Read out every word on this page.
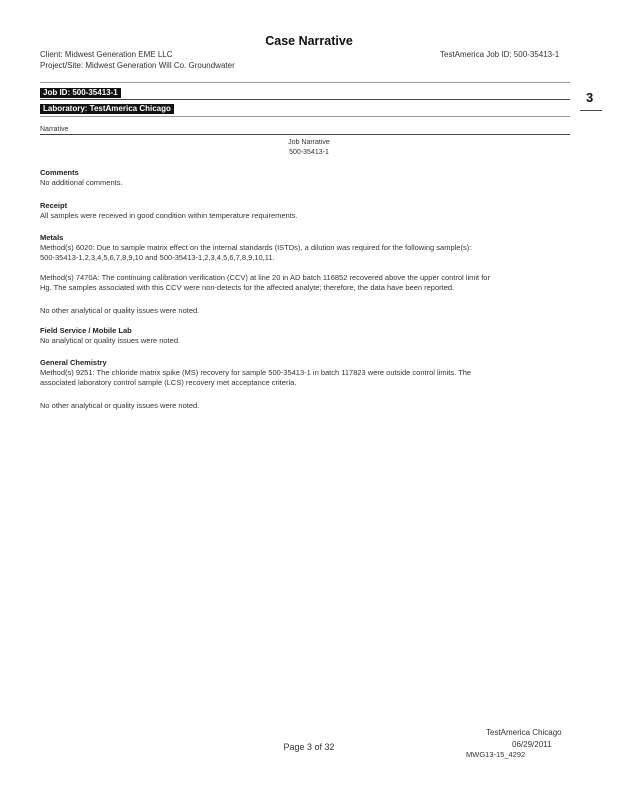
Case Narrative
Client: Midwest Generation EME LLC
Project/Site: Midwest Generation Will Co. Groundwater
TestAmerica Job ID: 500-35413-1
Job ID: 500-35413-1	3
Laboratory: TestAmerica Chicago
Narrative
Job Narrative
500-35413-1
Comments
No additional comments.
Receipt
All samples were received in good condition within temperature requirements.
Metals
Method(s) 6020: Due to sample matrix effect on the internal standards (ISTDs), a dilution was required for the following sample(s):
500-35413-1,2,3,4,5,6,7,8,9,10 and 500-35413-1,2,3,4,5,6,7,8,9,10,11.
Method(s) 7470A: The continuing calibration verification (CCV) at line 20 in AD batch 116852 recovered above the upper control limit for
Hg. The samples associated with this CCV were non-detects for the affected analyte; therefore, the data have been reported.
No other analytical or quality issues were noted.
Field Service / Mobile Lab
No analytical or quality issues were noted.
General Chemistry
Method(s) 9251: The chloride matrix spike (MS) recovery for sample 500-35413-1 in batch 117823 were outside control limits. The
associated laboratory control sample (LCS) recovery met acceptance criteria.
No other analytical or quality issues were noted.
Page 3 of 32
TestAmerica Chicago
06/29/2011
MWG13-15_4292
